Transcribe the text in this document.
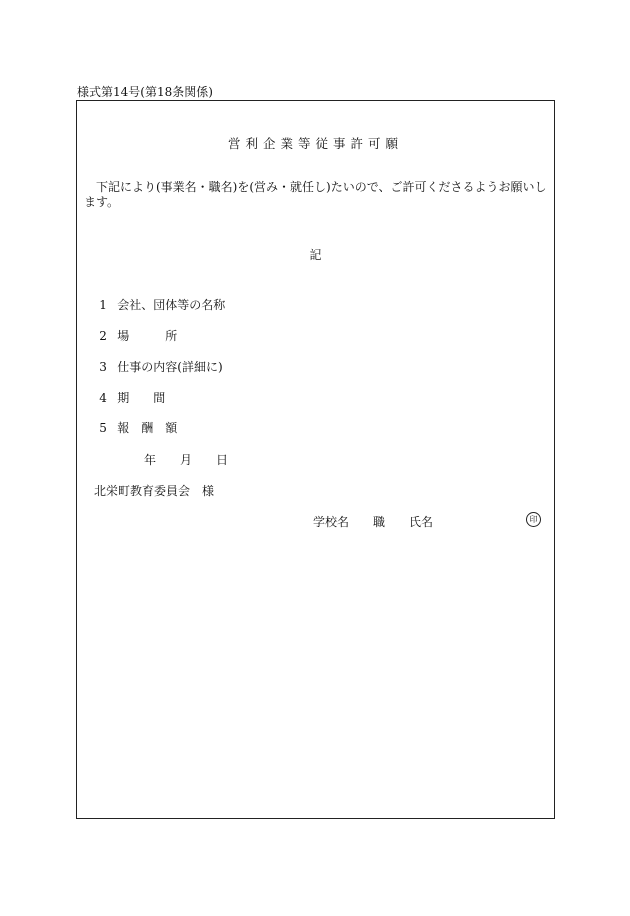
様式第14号(第18条関係)
営利企業等従事許可願
下記により(事業名・職名)を(営み・就任し)たいので、ご許可くださるようお願いします。
記

1 会社、団体等の名称

2 場　　　所

3 仕事の内容(詳細に)

4 期　　間

5 報　酬　額

年　　月　　日
北栄町教育委員会　様
学校名　　職　　氏名	印
